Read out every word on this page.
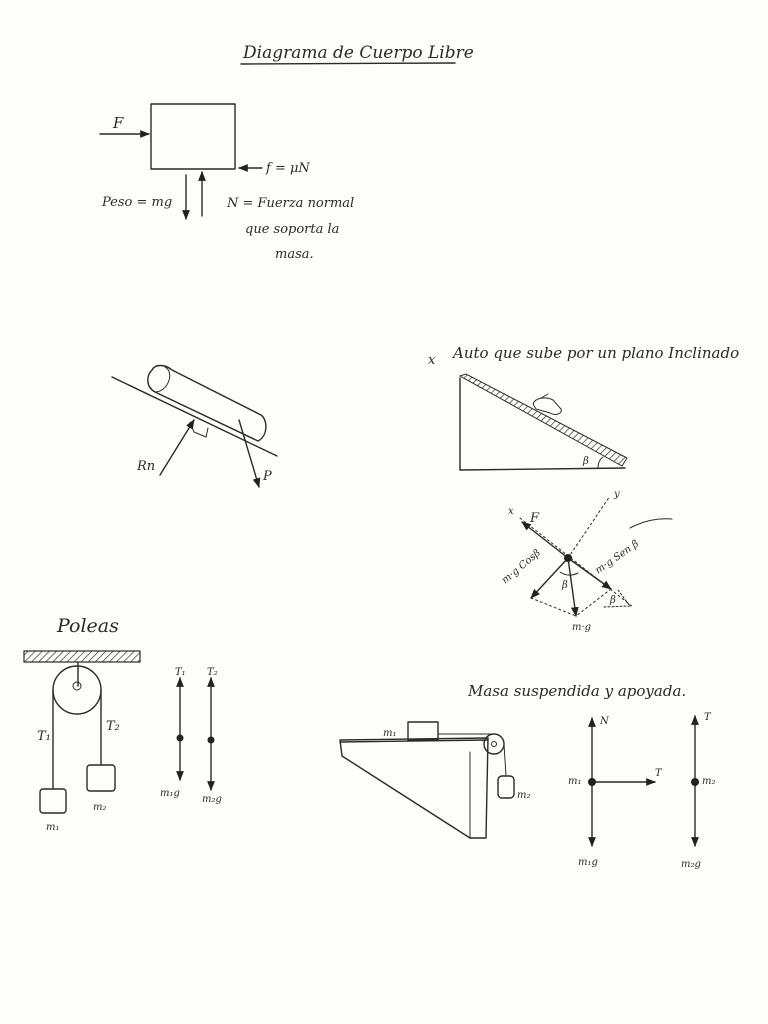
Diagrama de Cuerpo Libre
F
f = μN
Peso = mg	N = Fuerza normal
que soporta la
masa.
Rn
P
x Auto que sube por un plano Inclinado
β
y
x F
m·g Cosβ	m·g Sen β
m·g
β
β
Poleas
T₁
T₂
m₁
m₂
T₁
m₁g
T₂
m₂g
Masa suspendida y apoyada.
m₁
m₂
N
T
m₁
m₁g
T
m₂
m₂g
